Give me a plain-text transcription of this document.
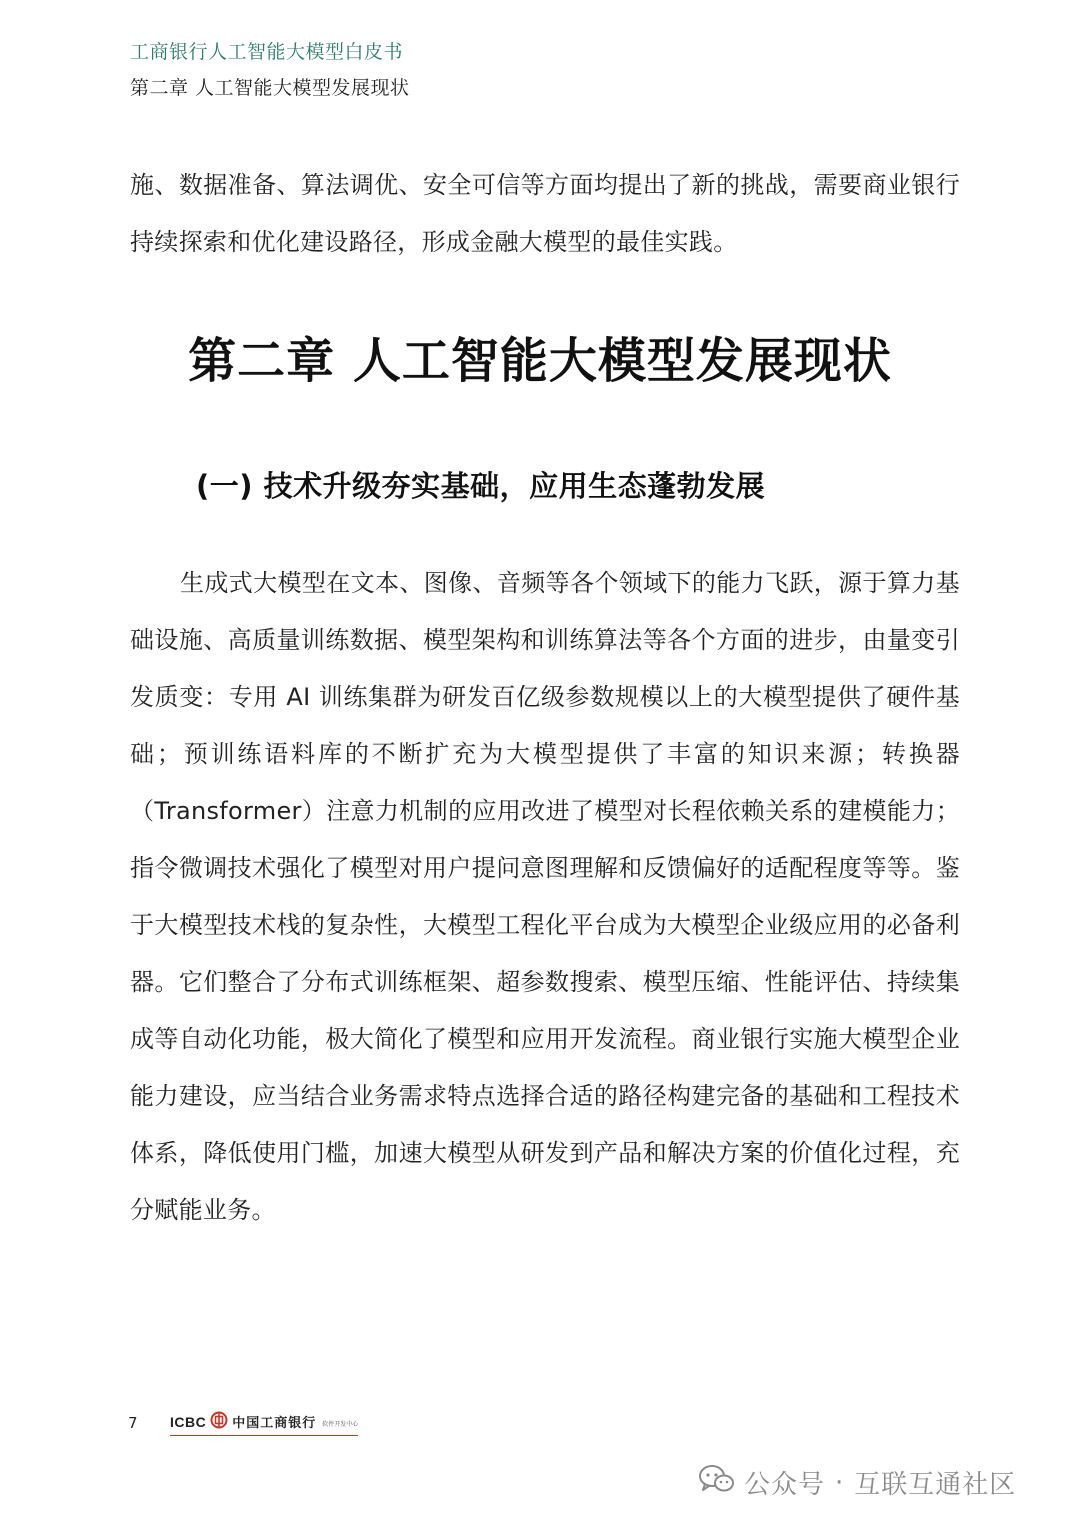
工商银行人工智能大模型白皮书
第二章 人工智能大模型发展现状

施、数据准备、算法调优、安全可信等方面均提出了新的挑战，需要商业银行持续探索和优化建设路径，形成金融大模型的最佳实践。

第二章 人工智能大模型发展现状
(一) 技术升级夯实基础，应用生态蓬勃发展

生成式大模型在文本、图像、音频等各个领域下的能力飞跃，源于算力基础设施、高质量训练数据、模型架构和训练算法等各个方面的进步，由量变引发质变：专用 AI 训练集群为研发百亿级参数规模以上的大模型提供了硬件基础；预训练语料库的不断扩充为大模型提供了丰富的知识来源；转换器（Transformer）注意力机制的应用改进了模型对长程依赖关系的建模能力；指令微调技术强化了模型对用户提问意图理解和反馈偏好的适配程度等等。鉴于大模型技术栈的复杂性，大模型工程化平台成为大模型企业级应用的必备利器。它们整合了分布式训练框架、超参数搜索、模型压缩、性能评估、持续集成等自动化功能，极大简化了模型和应用开发流程。商业银行实施大模型企业能力建设，应当结合业务需求特点选择合适的路径构建完备的基础和工程技术体系，降低使用门槛，加速大模型从研发到产品和解决方案的价值化过程，充分赋能业务。

7	ICBC 中国工商银行 软件开发中心
公众号 · 互联互通社区
